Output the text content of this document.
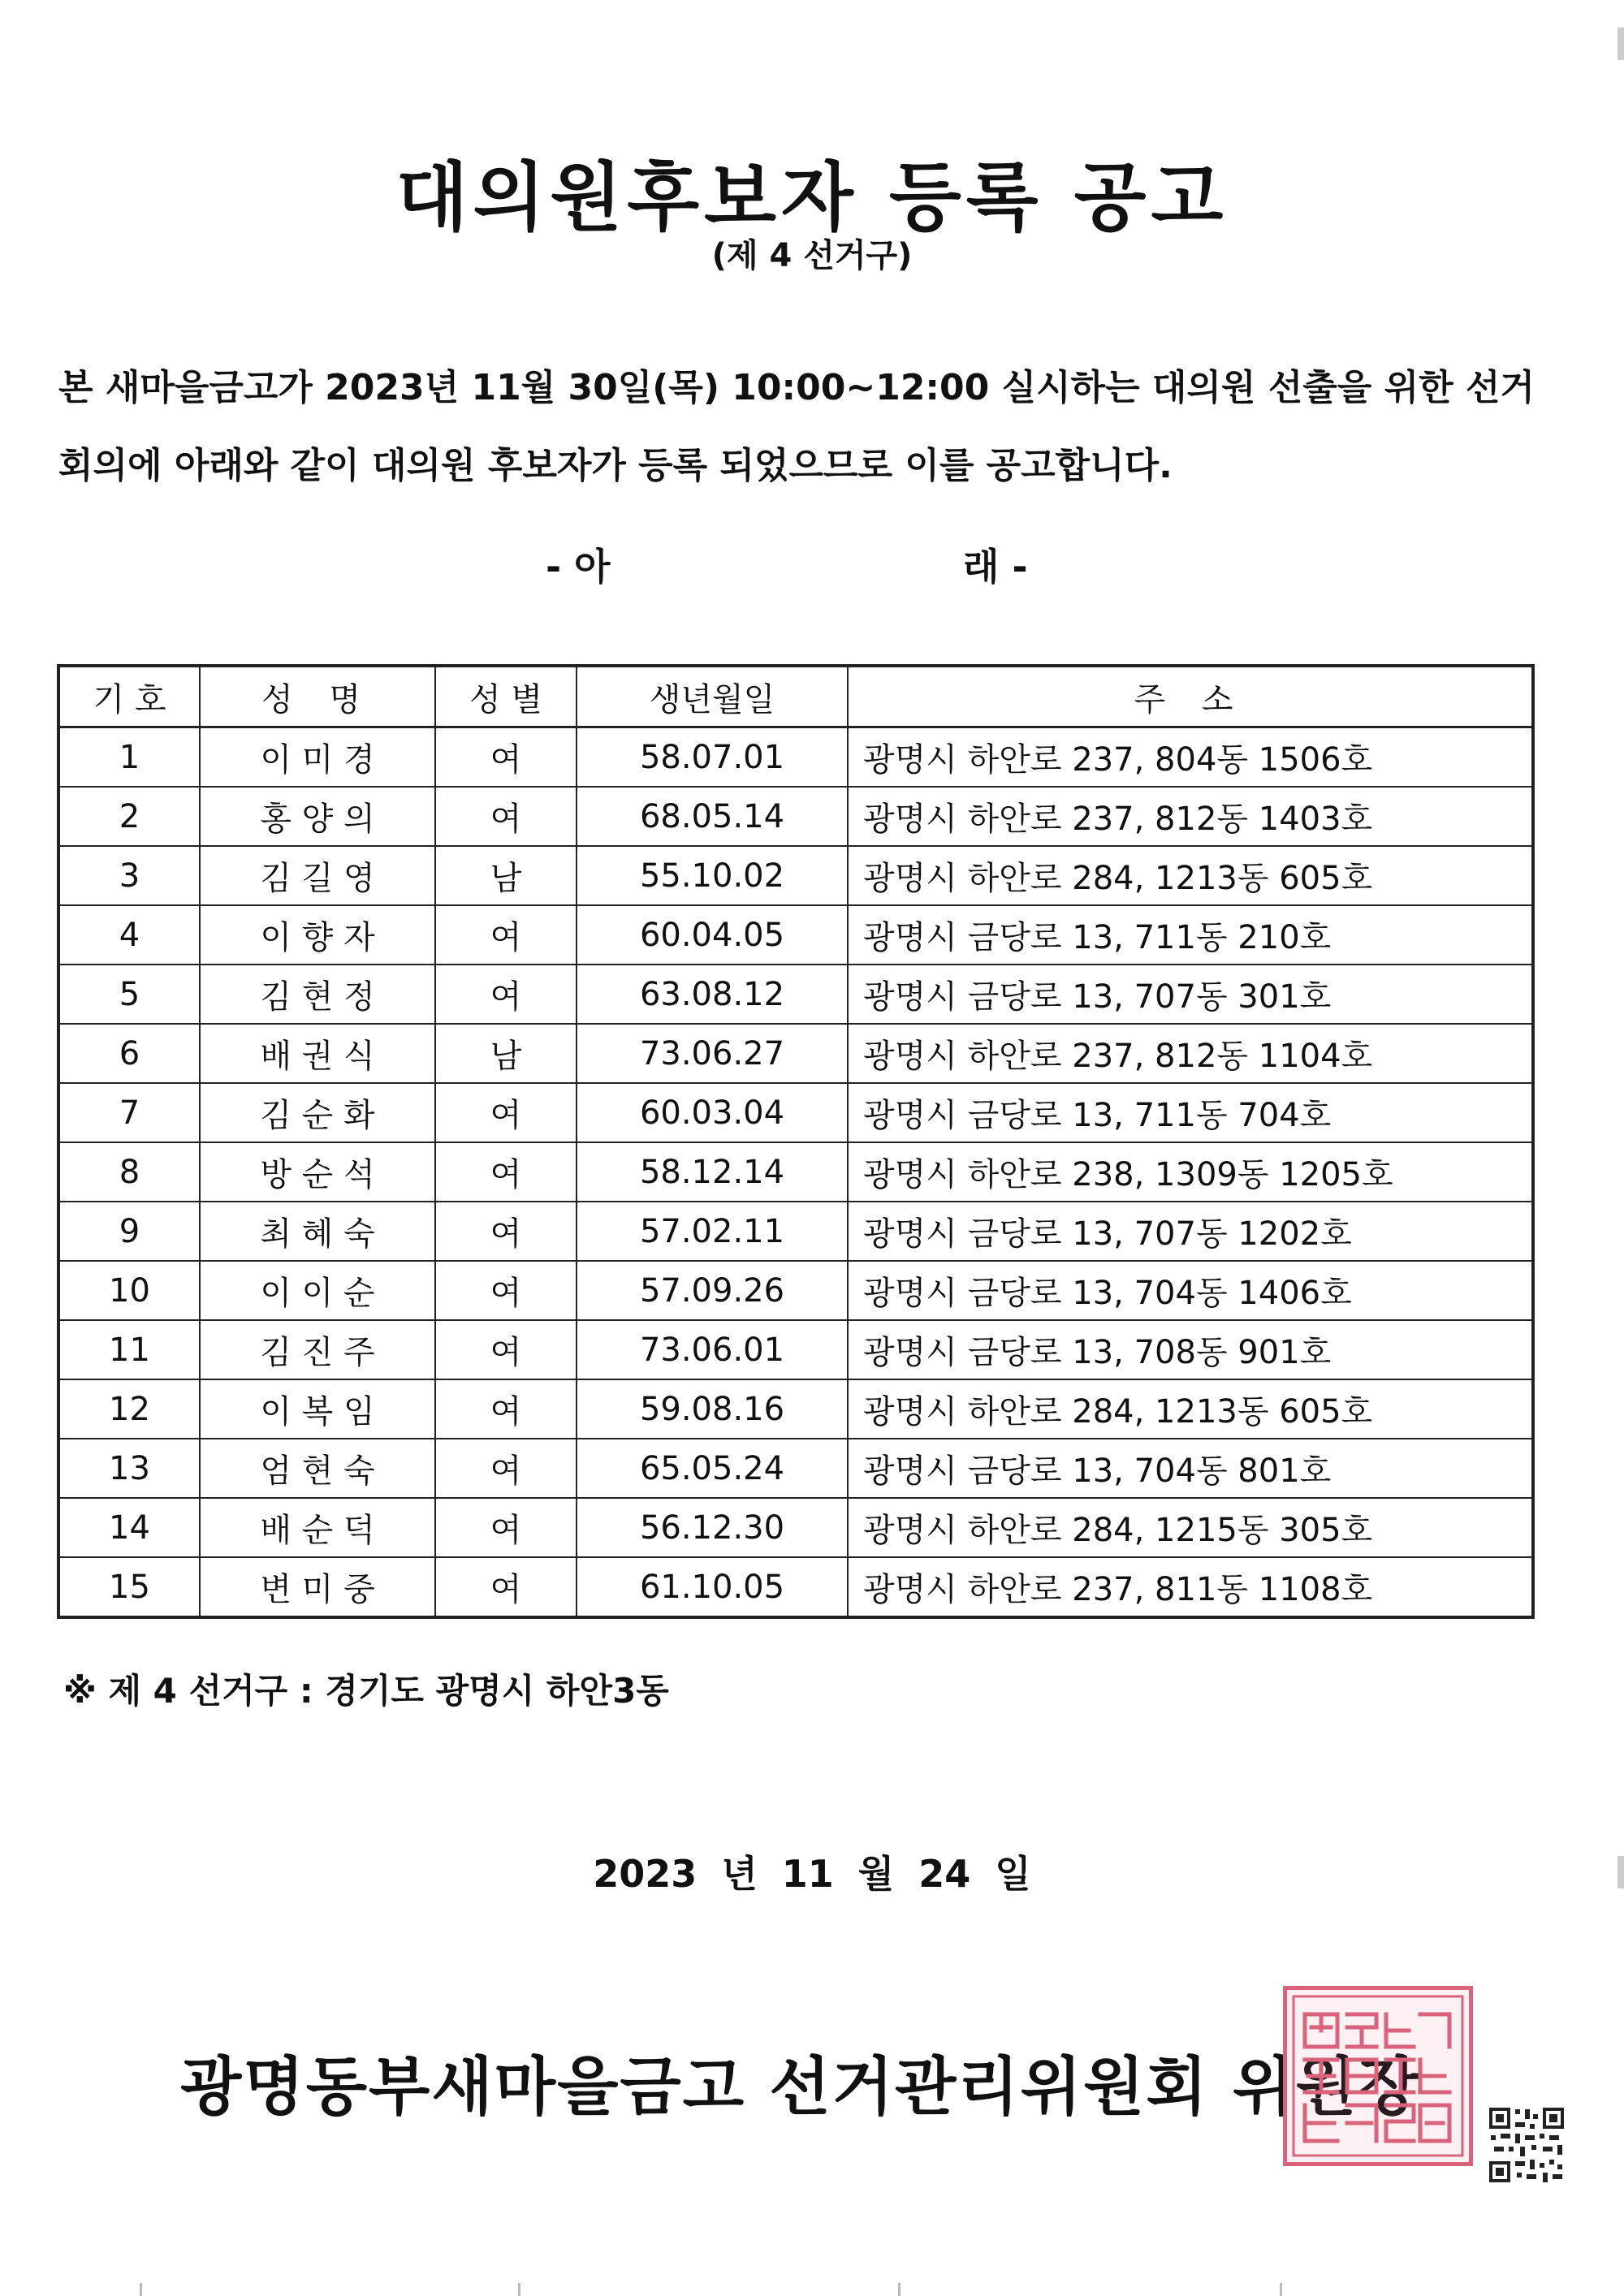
대의원후보자 등록 공고
(제 4 선거구)
본 새마을금고가 2023년 11월 30일(목) 10:00~12:00 실시하는 대의원 선출을 위한 선거
회의에 아래와 같이 대의원 후보자가 등록 되었으므로 이를 공고합니다.
- 아	래 -
기 호	성 명	성 별	생년월일	주 소
1	이 미 경	여	58.07.01	광명시 하안로 237, 804동 1506호
2	홍 양 의	여	68.05.14	광명시 하안로 237, 812동 1403호
3	김 길 영	남	55.10.02	광명시 하안로 284, 1213동 605호
4	이 향 자	여	60.04.05	광명시 금당로 13, 711동 210호
5	김 현 정	여	63.08.12	광명시 금당로 13, 707동 301호
6	배 권 식	남	73.06.27	광명시 하안로 237, 812동 1104호
7	김 순 화	여	60.03.04	광명시 금당로 13, 711동 704호
8	방 순 석	여	58.12.14	광명시 하안로 238, 1309동 1205호
9	최 혜 숙	여	57.02.11	광명시 금당로 13, 707동 1202호
10	이 이 순	여	57.09.26	광명시 금당로 13, 704동 1406호
11	김 진 주	여	73.06.01	광명시 금당로 13, 708동 901호
12	이 복 임	여	59.08.16	광명시 하안로 284, 1213동 605호
13	엄 현 숙	여	65.05.24	광명시 금당로 13, 704동 801호
14	배 순 덕	여	56.12.30	광명시 하안로 284, 1215동 305호
15	변 미 중	여	61.10.05	광명시 하안로 237, 811동 1108호
※ 제 4 선거구 : 경기도 광명시 하안3동
2023 년 11 월 24 일
광명동부새마을금고 선거관리위원회 위원장
